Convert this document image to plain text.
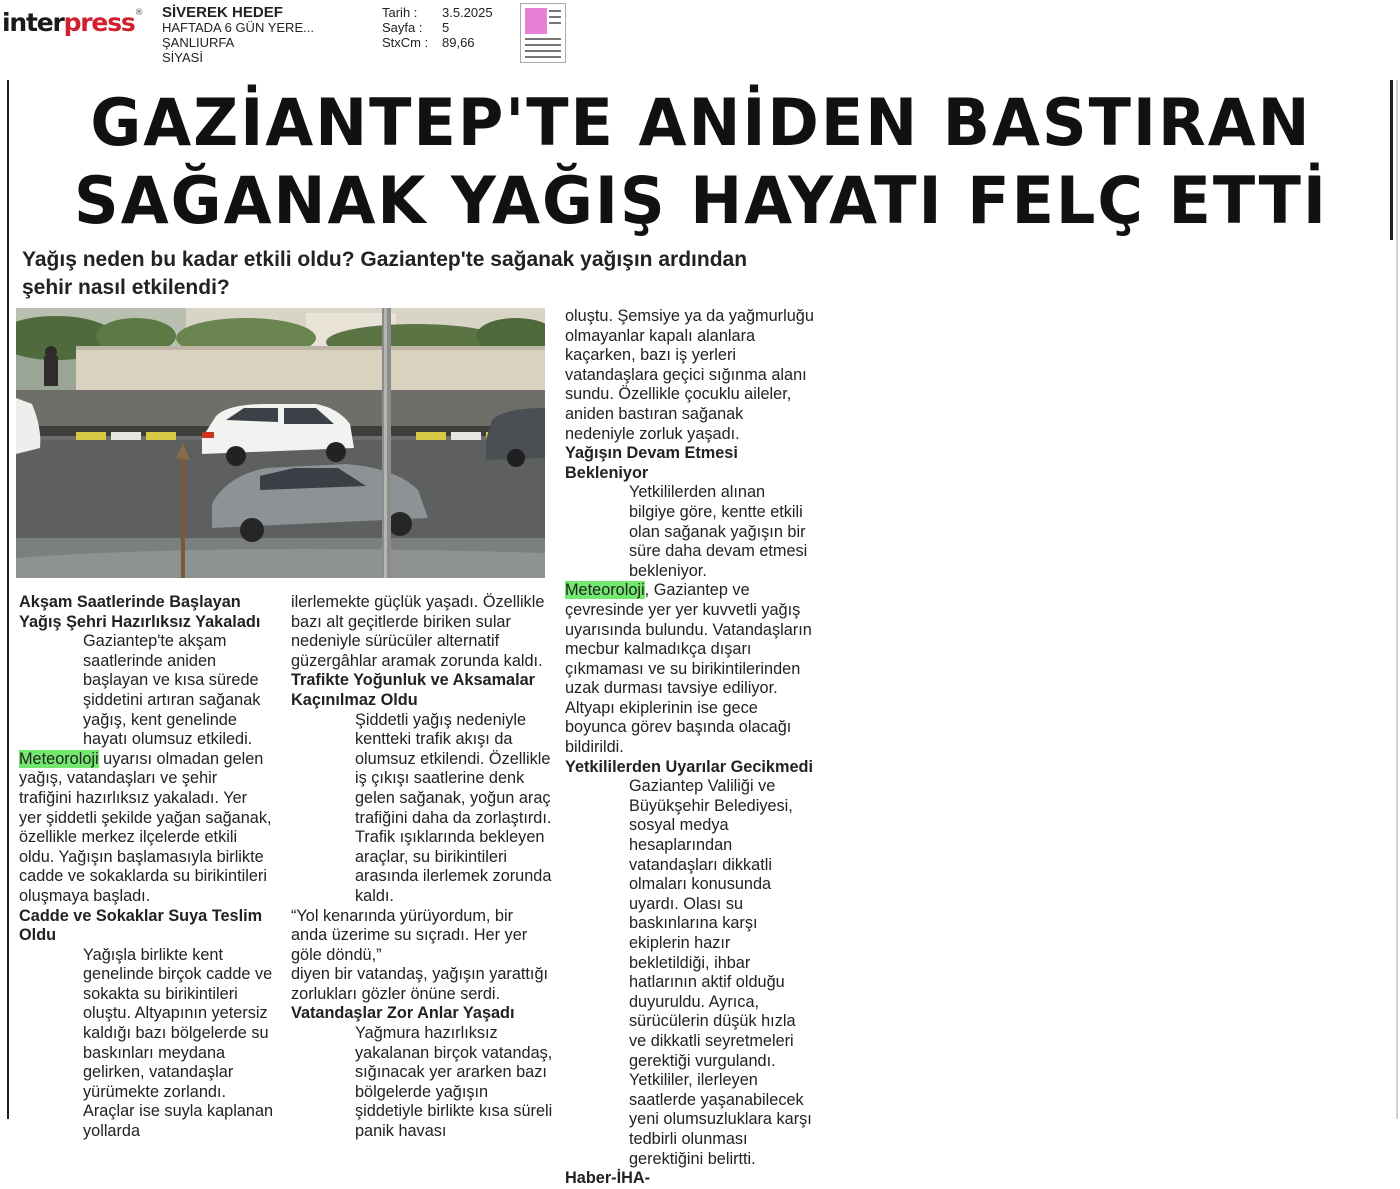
interpress® SİVEREK HEDEF
HAFTADA 6 GÜN YERE...
ŞANLIURFA
SİYASİ
Tarih :	3.5.2025
Sayfa :	5
StxCm :	89,66
GAZİANTEP'TE ANİDEN BASTIRAN
SAĞANAK YAĞIŞ HAYATI FELÇ ETTİ
Yağış neden bu kadar etkili oldu? Gaziantep'te sağanak yağışın ardından şehir nasıl etkilendi?
Akşam Saatlerinde Başlayan Yağış Şehri Hazırlıksız Yakaladı

Gaziantep'te akşam saatlerinde aniden başlayan ve kısa sürede şiddetini artıran sağanak yağış, kent genelinde hayatı olumsuz etkiledi.

Meteoroloji uyarısı olmadan gelen yağış, vatandaşları ve şehir trafiğini hazırlıksız yakaladı. Yer yer şiddetli şekilde yağan sağanak, özellikle merkez ilçelerde etkili oldu. Yağışın başlamasıyla birlikte cadde ve sokaklarda su birikintileri oluşmaya başladı.

Cadde ve Sokaklar Suya Teslim Oldu

Yağışla birlikte kent genelinde birçok cadde ve sokakta su birikintileri oluştu. Altyapının yetersiz kaldığı bazı bölgelerde su baskınları meydana gelirken, vatandaşlar yürümekte zorlandı. Araçlar ise suyla kaplanan yollarda

ilerlemekte güçlük yaşadı. Özellikle bazı alt geçitlerde biriken sular nedeniyle sürücüler alternatif güzergâhlar aramak zorunda kaldı.

Trafikte Yoğunluk ve Aksamalar Kaçınılmaz Oldu

Şiddetli yağış nedeniyle kentteki trafik akışı da olumsuz etkilendi. Özellikle iş çıkışı saatlerine denk gelen sağanak, yoğun araç trafiğini daha da zorlaştırdı. Trafik ışıklarında bekleyen araçlar, su birikintileri arasında ilerlemek zorunda kaldı.

“Yol kenarında yürüyordum, bir anda üzerime su sıçradı. Her yer göle döndü,”

diyen bir vatandaş, yağışın yarattığı zorlukları gözler önüne serdi.

Vatandaşlar Zor Anlar Yaşadı

Yağmura hazırlıksız yakalanan birçok vatandaş, sığınacak yer ararken bazı bölgelerde yağışın şiddetiyle birlikte kısa süreli panik havası

oluştu. Şemsiye ya da yağmurluğu olmayanlar kapalı alanlara kaçarken, bazı iş yerleri vatandaşlara geçici sığınma alanı sundu. Özellikle çocuklu aileler, aniden bastıran sağanak nedeniyle zorluk yaşadı.

Yağışın Devam Etmesi Bekleniyor

Yetkililerden alınan bilgiye göre, kentte etkili olan sağanak yağışın bir süre daha devam etmesi bekleniyor.

Meteoroloji, Gaziantep ve çevresinde yer yer kuvvetli yağış uyarısında bulundu. Vatandaşların mecbur kalmadıkça dışarı çıkmaması ve su birikintilerinden uzak durması tavsiye ediliyor. Altyapı ekiplerinin ise gece boyunca görev başında olacağı bildirildi.

Yetkililerden Uyarılar Gecikmedi

Gaziantep Valiliği ve Büyükşehir Belediyesi, sosyal medya hesaplarından vatandaşları dikkatli olmaları konusunda uyardı. Olası su baskınlarına karşı ekiplerin hazır bekletildiği, ihbar hatlarının aktif olduğu duyuruldu. Ayrıca, sürücülerin düşük hızla ve dikkatli seyretmeleri gerektiği vurgulandı. Yetkililer, ilerleyen saatlerde yaşanabilecek yeni olumsuzluklara karşı tedbirli olunması gerektiğini belirtti.

Haber-İHA-
